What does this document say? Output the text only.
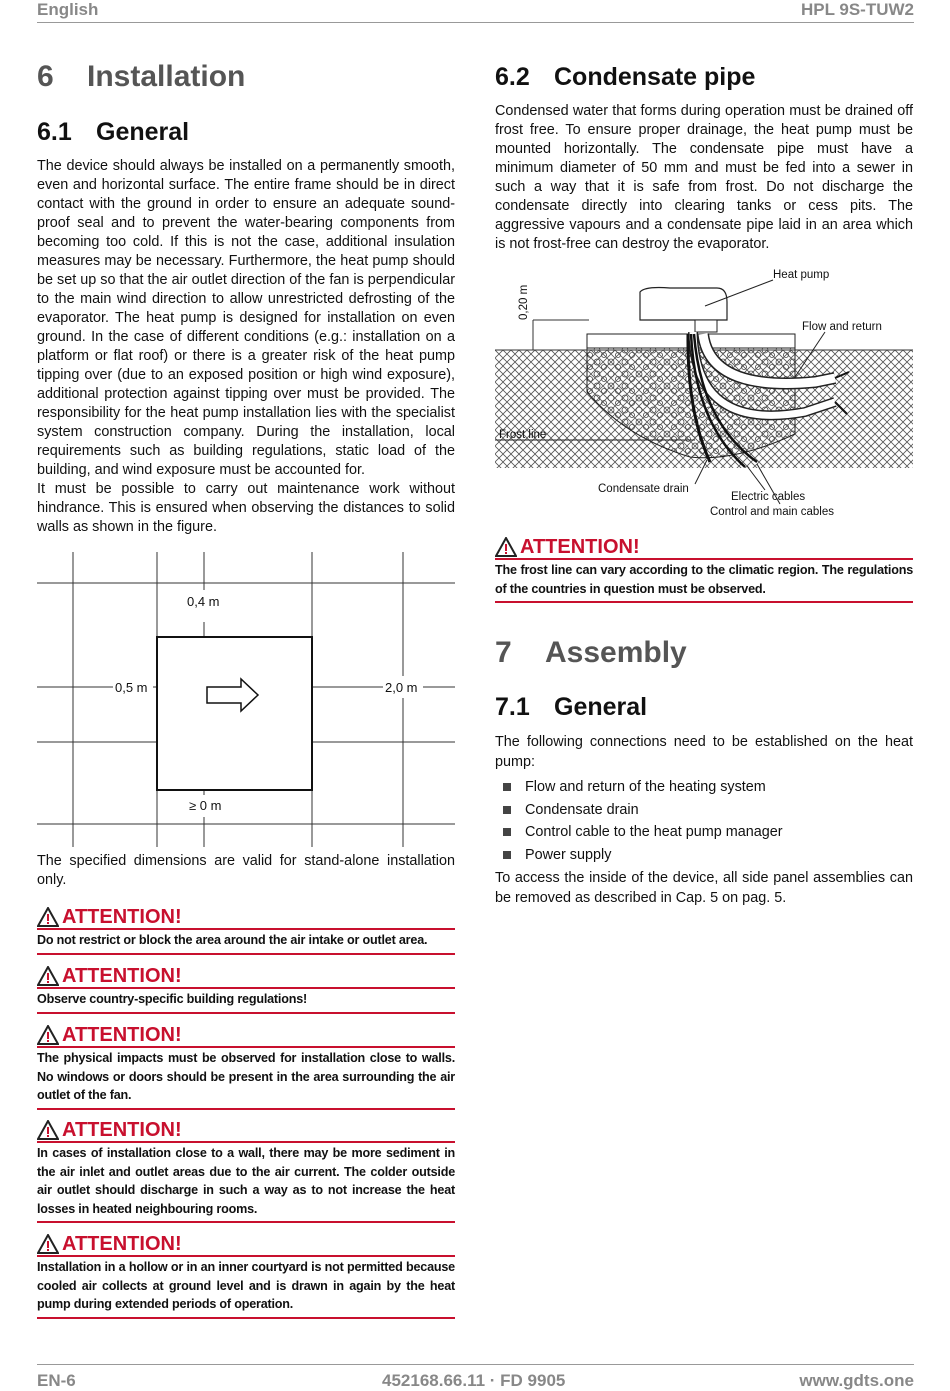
English	HPL 9S-TUW2
6 Installation
6.1 General

The device should always be installed on a permanently smooth, even and horizontal surface. The entire frame should be in direct contact with the ground in order to ensure an adequate sound-proof seal and to prevent the water-bearing components from becoming too cold. If this is not the case, additional insulation measures may be necessary. Furthermore, the heat pump should be set up so that the air outlet direction of the fan is perpendicular to the main wind direction to allow unrestricted defrosting of the evaporator. The heat pump is designed for installation on even ground. In the case of different conditions (e.g.: installation on a platform or flat roof) or there is a greater risk of the heat pump tipping over (due to an exposed position or high wind exposure), additional protection against tipping over must be provided. The responsibility for the heat pump installation lies with the specialist system construction company. During the installation, local requirements such as building regulations, static load of the building, and wind exposure must be accounted for.

It must be possible to carry out maintenance work without hindrance. This is ensured when observing the distances to solid walls as shown in the figure.

0,4 m
0,5 m	2,0 m
≥ 0 m

The specified dimensions are valid for stand-alone installation only.

ATTENTION!
Do not restrict or block the area around the air intake or outlet area.
ATTENTION!
Observe country-specific building regulations!
ATTENTION!
The physical impacts must be observed for installation close to walls. No windows or doors should be present in the area surrounding the air outlet of the fan.
ATTENTION!
In cases of installation close to a wall, there may be more sediment in the air inlet and outlet areas due to the air current. The colder outside air outlet should discharge in such a way as to not increase the heat losses in heated neighbouring rooms.
ATTENTION!
Installation in a hollow or in an inner courtyard is not permitted because cooled air collects at ground level and is drawn in again by the heat pump during extended periods of operation.
6.2 Condensate pipe

Condensed water that forms during operation must be drained off frost free. To ensure proper drainage, the heat pump must be mounted horizontally. The condensate pipe must have a minimum diameter of 50 mm and must be fed into a sewer in such a way that it is safe from frost. Do not discharge the condensate directly into clearing tanks or cess pits. The aggressive vapours and a condensate pipe laid in an area which is not frost-free can destroy the evaporator.

0,20 m
Heat pump
Flow and return
Frost line
Condensate drain
Electric cables
Control and main cables
ATTENTION!
The frost line can vary according to the climatic region. The regulations of the countries in question must be observed.
7 Assembly
7.1 General

The following connections need to be established on the heat pump:

Flow and return of the heating system
Condensate drain
Control cable to the heat pump manager
Power supply

To access the inside of the device, all side panel assemblies can be removed as described in Cap. 5 on pag. 5.

EN-6	452168.66.11 · FD 9905	www.gdts.one
